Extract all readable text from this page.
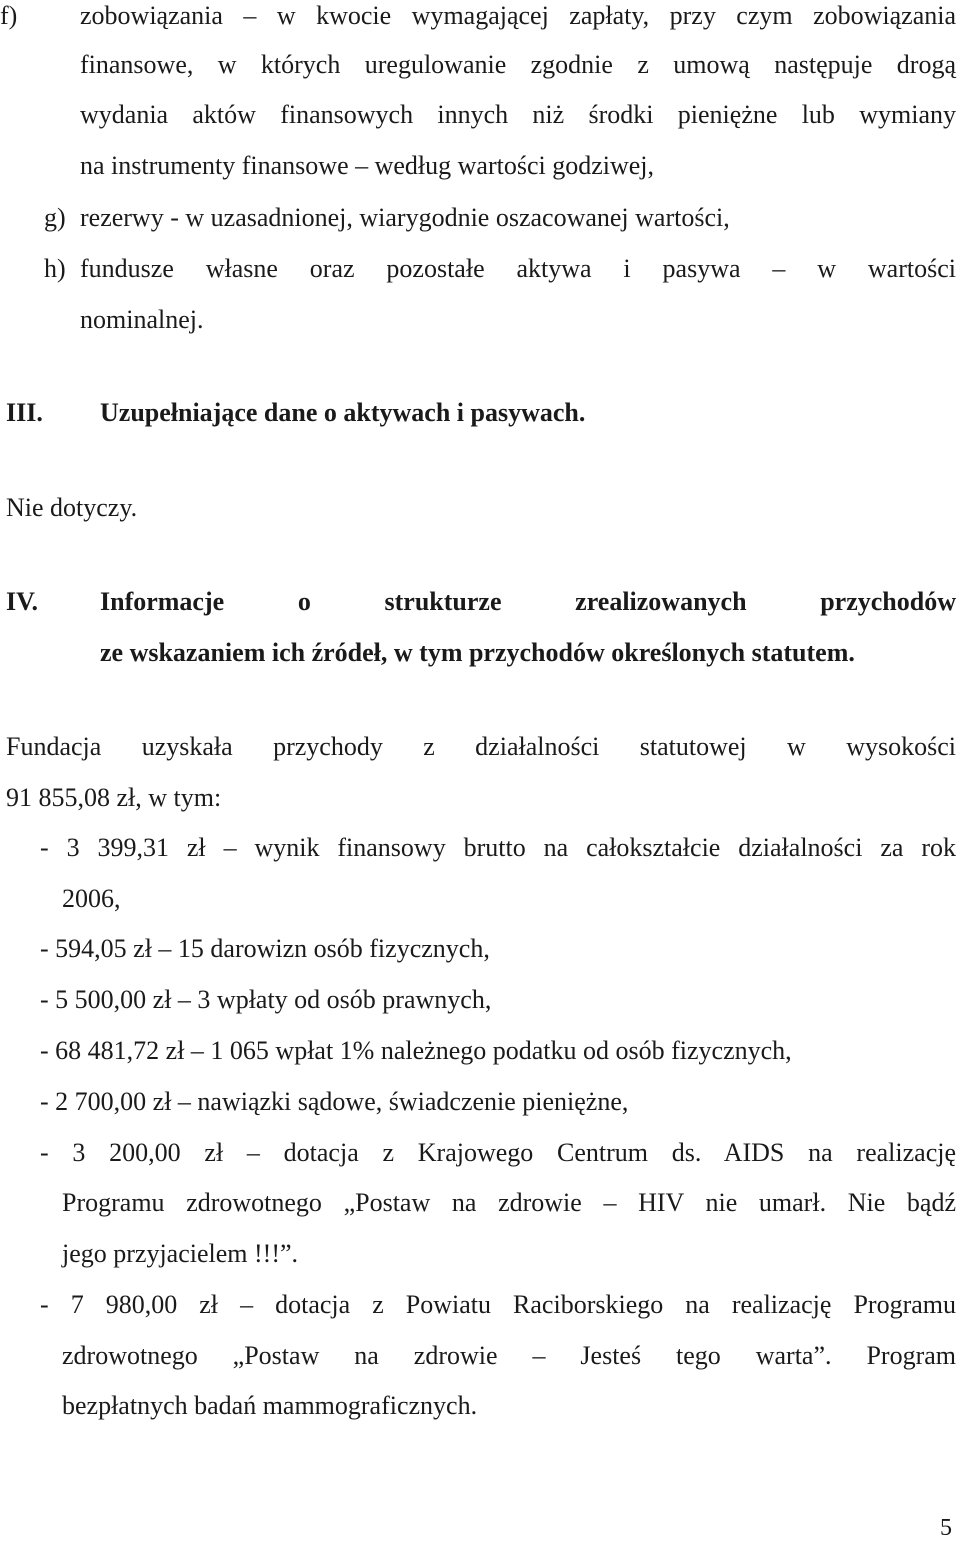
f) zobowiązania – w kwocie wymagającej zapłaty, przy czym zobowiązania
finansowe, w których uregulowanie zgodnie z umową następuje drogą
wydania aktów finansowych innych niż środki pieniężne lub wymiany
na instrumenty finansowe – według wartości godziwej,
g) rezerwy - w uzasadnionej, wiarygodnie oszacowanej wartości,
h) fundusze własne oraz pozostałe aktywa i pasywa – w wartości
nominalnej.
III. Uzupełniające dane o aktywach i pasywach.
Nie dotyczy.
IV. Informacje o strukturze zrealizowanych przychodów
ze wskazaniem ich źródeł, w tym przychodów określonych statutem.
Fundacja uzyskała przychody z działalności statutowej w wysokości
91 855,08 zł, w tym:
- 3 399,31 zł – wynik finansowy brutto na całokształcie działalności za rok
2006,
- 594,05 zł – 15 darowizn osób fizycznych,
- 5 500,00 zł – 3 wpłaty od osób prawnych,
- 68 481,72 zł – 1 065 wpłat 1% należnego podatku od osób fizycznych,
- 2 700,00 zł – nawiązki sądowe, świadczenie pieniężne,
- 3 200,00 zł – dotacja z Krajowego Centrum ds. AIDS na realizację
Programu zdrowotnego „Postaw na zdrowie – HIV nie umarł. Nie bądź
jego przyjacielem !!!”.
- 7 980,00 zł – dotacja z Powiatu Raciborskiego na realizację Programu
zdrowotnego „Postaw na zdrowie – Jesteś tego warta”. Program
bezpłatnych badań mammograficznych.
5
